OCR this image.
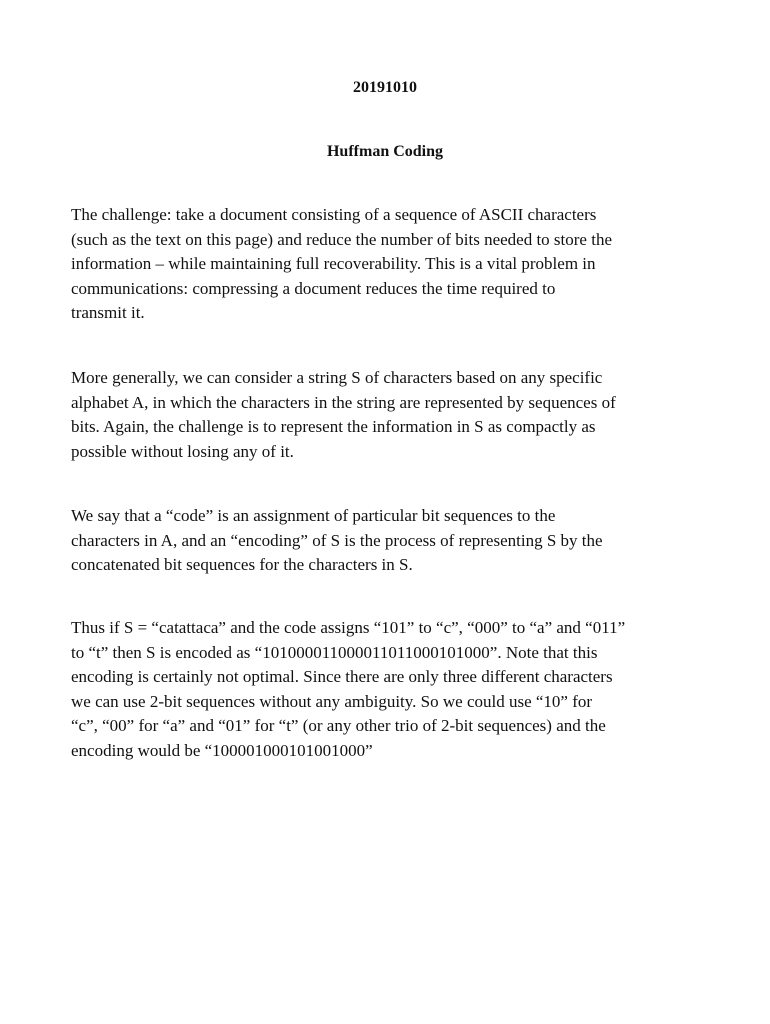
20191010

Huffman Coding

The challenge: take a document consisting of a sequence of ASCII characters
(such as the text on this page) and reduce the number of bits needed to store the
information – while maintaining full recoverability. This is a vital problem in
communications: compressing a document reduces the time required to
transmit it.

More generally, we can consider a string S of characters based on any specific
alphabet A, in which the characters in the string are represented by sequences of
bits. Again, the challenge is to represent the information in S as compactly as
possible without losing any of it.

We say that a “code” is an assignment of particular bit sequences to the
characters in A, and an “encoding” of S is the process of representing S by the
concatenated bit sequences for the characters in S.

Thus if S = “catattaca” and the code assigns “101” to “c”, “000” to “a” and “011”
to “t” then S is encoded as “101000011000011011000101000”. Note that this
encoding is certainly not optimal. Since there are only three different characters
we can use 2-bit sequences without any ambiguity. So we could use “10” for
“c”, “00” for “a” and “01” for “t” (or any other trio of 2-bit sequences) and the
encoding would be “100001000101001000”
